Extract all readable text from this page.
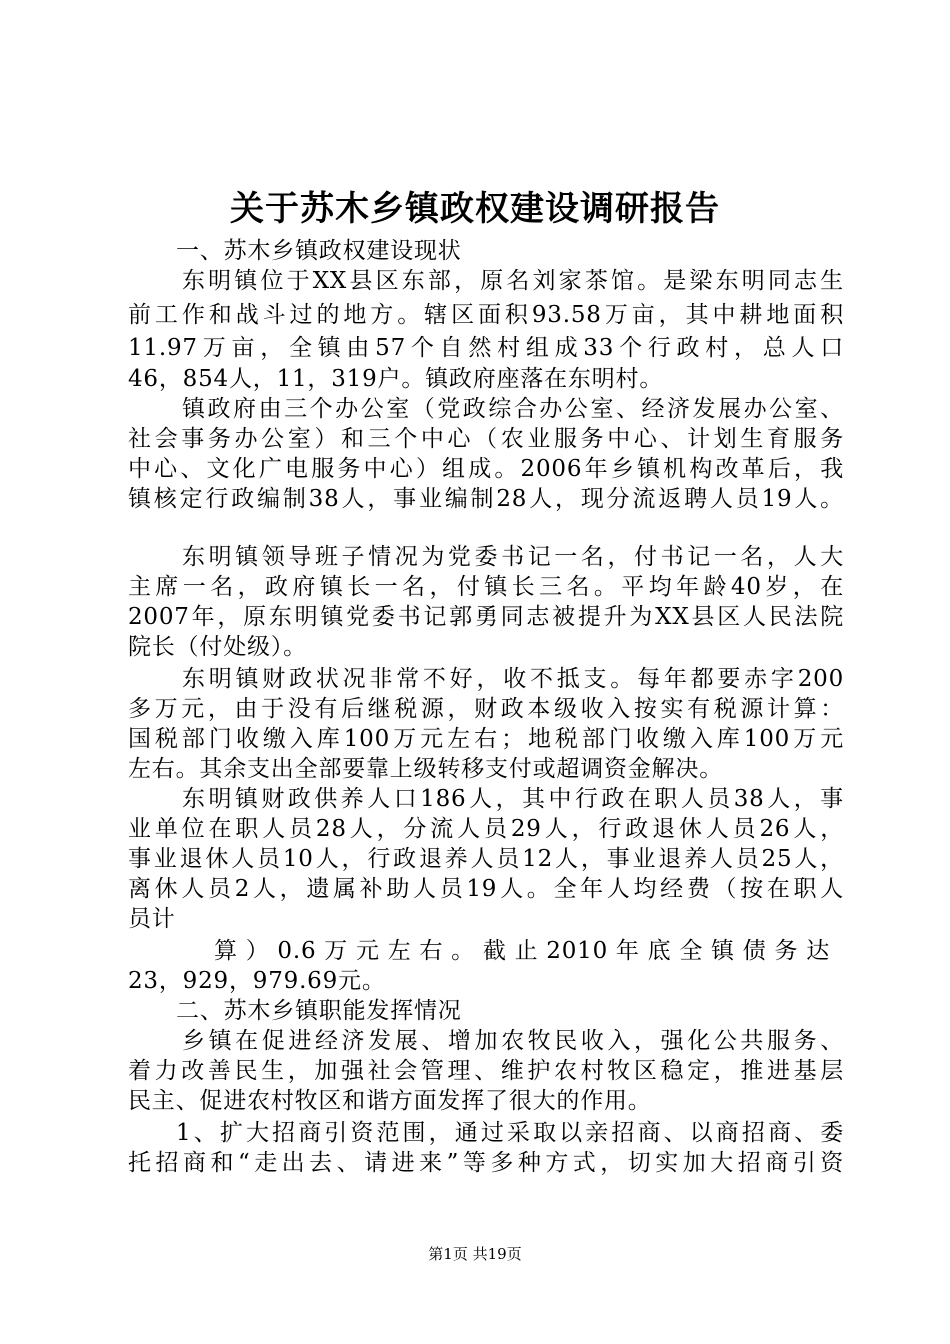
关于苏木乡镇政权建设调研报告
一、苏木乡镇政权建设现状
东明镇位于XX县区东部，原名刘家茶馆。是梁东明同志生
前工作和战斗过的地方。辖区面积93.58万亩，其中耕地面积
11.97万亩，全镇由57个自然村组成33个行政村，总人口
46，854人，11，319户。镇政府座落在东明村。
镇政府由三个办公室（党政综合办公室、经济发展办公室、
社会事务办公室）和三个中心（农业服务中心、计划生育服务
中心、文化广电服务中心）组成。2006年乡镇机构改革后，我
镇核定行政编制38人，事业编制28人，现分流返聘人员19人。
东明镇领导班子情况为党委书记一名，付书记一名，人大
主席一名，政府镇长一名，付镇长三名。平均年龄40岁，在
2007年，原东明镇党委书记郭勇同志被提升为XX县区人民法院
院长（付处级）。
东明镇财政状况非常不好，收不抵支。每年都要赤字200
多万元，由于没有后继税源，财政本级收入按实有税源计算：
国税部门收缴入库100万元左右；地税部门收缴入库100万元
左右。其余支出全部要靠上级转移支付或超调资金解决。
东明镇财政供养人口186人，其中行政在职人员38人，事
业单位在职人员28人，分流人员29人，行政退休人员26人，
事业退休人员10人，行政退养人员12人，事业退养人员25人，
离休人员2人，遗属补助人员19人。全年人均经费（按在职人
员计
算）0.6万元左右。截止2010年底全镇债务达
23，929，979.69元。
二、苏木乡镇职能发挥情况
乡镇在促进经济发展、增加农牧民收入，强化公共服务、
着力改善民生，加强社会管理、维护农村牧区稳定，推进基层
民主、促进农村牧区和谐方面发挥了很大的作用。
1、扩大招商引资范围，通过采取以亲招商、以商招商、委
托招商和“走出去、请进来”等多种方式，切实加大招商引资
第1页 共19页
